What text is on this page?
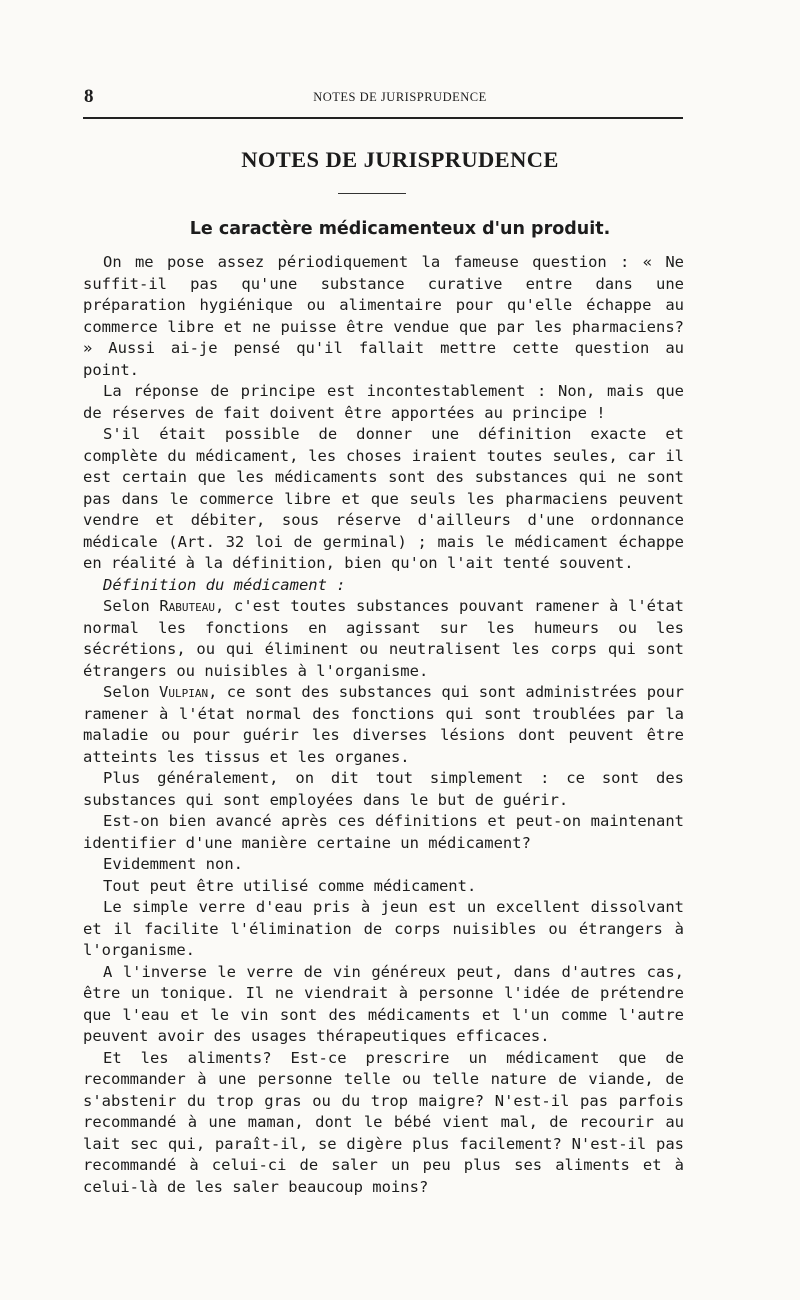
8	NOTES DE JURISPRUDENCE
NOTES DE JURISPRUDENCE
Le caractère médicamenteux d'un produit.

On me pose assez périodiquement la fameuse question : « Ne suffit-il pas qu'une substance curative entre dans une préparation hygiénique ou alimentaire pour qu'elle échappe au commerce libre et ne puisse être vendue que par les pharmaciens? » Aussi ai-je pensé qu'il fallait mettre cette question au point.

La réponse de principe est incontestablement : Non, mais que de réserves de fait doivent être apportées au principe !

S'il était possible de donner une définition exacte et complète du médicament, les choses iraient toutes seules, car il est certain que les médicaments sont des substances qui ne sont pas dans le commerce libre et que seuls les pharmaciens peuvent vendre et débiter, sous réserve d'ailleurs d'une ordonnance médicale (Art. 32 loi de germinal) ; mais le médicament échappe en réalité à la définition, bien qu'on l'ait tenté souvent.

Définition du médicament :

Selon Rabuteau, c'est toutes substances pouvant ramener à l'état normal les fonctions en agissant sur les humeurs ou les sécrétions, ou qui éliminent ou neutralisent les corps qui sont étrangers ou nuisibles à l'organisme.

Selon Vulpian, ce sont des substances qui sont administrées pour ramener à l'état normal des fonctions qui sont troublées par la maladie ou pour guérir les diverses lésions dont peuvent être atteints les tissus et les organes.

Plus généralement, on dit tout simplement : ce sont des substances qui sont employées dans le but de guérir.

Est-on bien avancé après ces définitions et peut-on maintenant identifier d'une manière certaine un médicament?

Evidemment non.

Tout peut être utilisé comme médicament.

Le simple verre d'eau pris à jeun est un excellent dissolvant et il facilite l'élimination de corps nuisibles ou étrangers à l'organisme.

A l'inverse le verre de vin généreux peut, dans d'autres cas, être un tonique. Il ne viendrait à personne l'idée de prétendre que l'eau et le vin sont des médicaments et l'un comme l'autre peuvent avoir des usages thérapeutiques efficaces.

Et les aliments? Est-ce prescrire un médicament que de recommander à une personne telle ou telle nature de viande, de s'abstenir du trop gras ou du trop maigre? N'est-il pas parfois recommandé à une maman, dont le bébé vient mal, de recourir au lait sec qui, paraît-il, se digère plus facilement? N'est-il pas recommandé à celui-ci de saler un peu plus ses aliments et à celui-là de les saler beaucoup moins?
